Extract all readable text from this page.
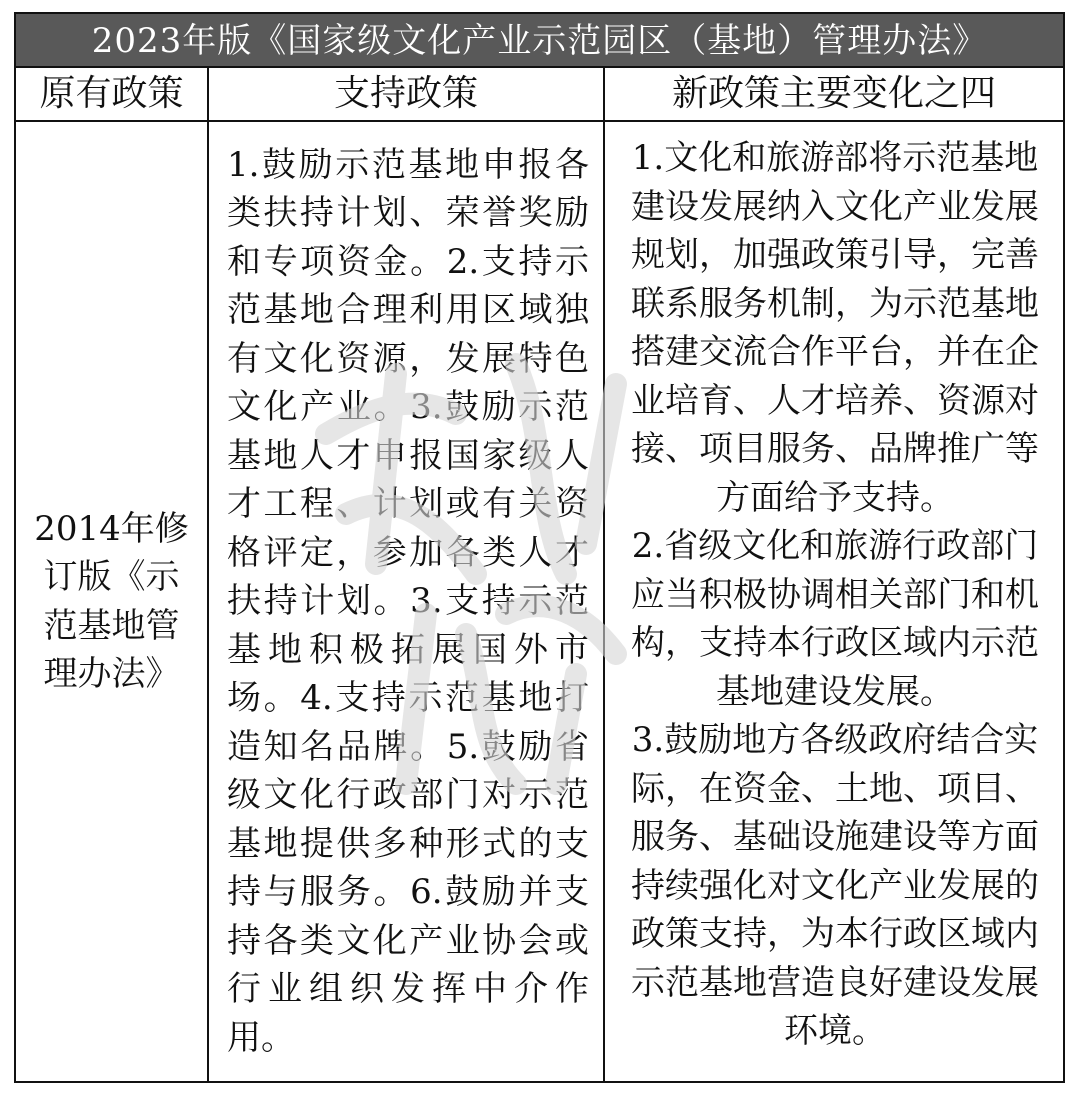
2023年版《国家级文化产业示范园区（基地）管理办法》
原有政策	支持政策	新政策主要变化之四

2014年修订版《示范基地管理办法》

1.鼓励示范基地申报各类扶持计划、荣誉奖励和专项资金。2.支持示范基地合理利用区域独有文化资源，发展特色文化产业。3.鼓励示范基地人才申报国家级人才工程、计划或有关资格评定，参加各类人才扶持计划。3.支持示范基地积极拓展国外市场。4.支持示范基地打造知名品牌。5.鼓励省级文化行政部门对示范基地提供多种形式的支持与服务。6.鼓励并支持各类文化产业协会或行业组织发挥中介作用。

1.文化和旅游部将示范基地建设发展纳入文化产业发展规划，加强政策引导，完善联系服务机制，为示范基地搭建交流合作平台，并在企业培育、人才培养、资源对接、项目服务、品牌推广等方面给予支持。

2.省级文化和旅游行政部门应当积极协调相关部门和机构，支持本行政区域内示范基地建设发展。

3.鼓励地方各级政府结合实际，在资金、土地、项目、服务、基础设施建设等方面持续强化对文化产业发展的政策支持，为本行政区域内示范基地营造良好建设发展环境。
